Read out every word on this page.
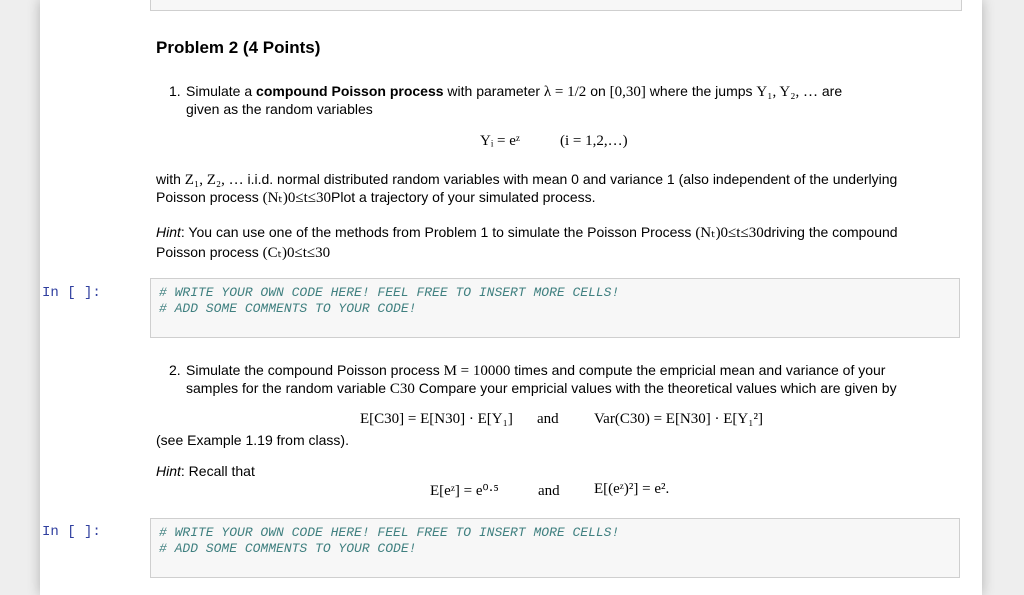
Problem 2 (4 Points)
1. Simulate a compound Poisson process with parameter λ = 1/2 on [0,30] where the jumps Y₁, Y₂, … are
given as the random variables
Yᵢ = eᶻ	(i = 1,2,…)
with Z₁, Z₂, … i.i.d. normal distributed random variables with mean 0 and variance 1 (also independent of the underlying
Poisson process (Nₜ)0≤t≤30Plot a trajectory of your simulated process.
Hint: You can use one of the methods from Problem 1 to simulate the Poisson Process (Nₜ)0≤t≤30driving the compound
Poisson process (Cₜ)0≤t≤30
In [ ]:	# WRITE YOUR OWN CODE HERE! FEEL FREE TO INSERT MORE CELLS!
# ADD SOME COMMENTS TO YOUR CODE!
2. Simulate the compound Poisson process M = 10000 times and compute the empricial mean and variance of your
samples for the random variable C30 Compare your empricial values with the theoretical values which are given by
E[C30] = E[N30] · E[Y₁] and Var(C30) = E[N30] · E[Y₁²]
(see Example 1.19 from class).
Hint: Recall that
E[eᶻ] = e⁰·⁵	and E[(eᶻ)²] = e².
In [ ]:	# WRITE YOUR OWN CODE HERE! FEEL FREE TO INSERT MORE CELLS!
# ADD SOME COMMENTS TO YOUR CODE!
